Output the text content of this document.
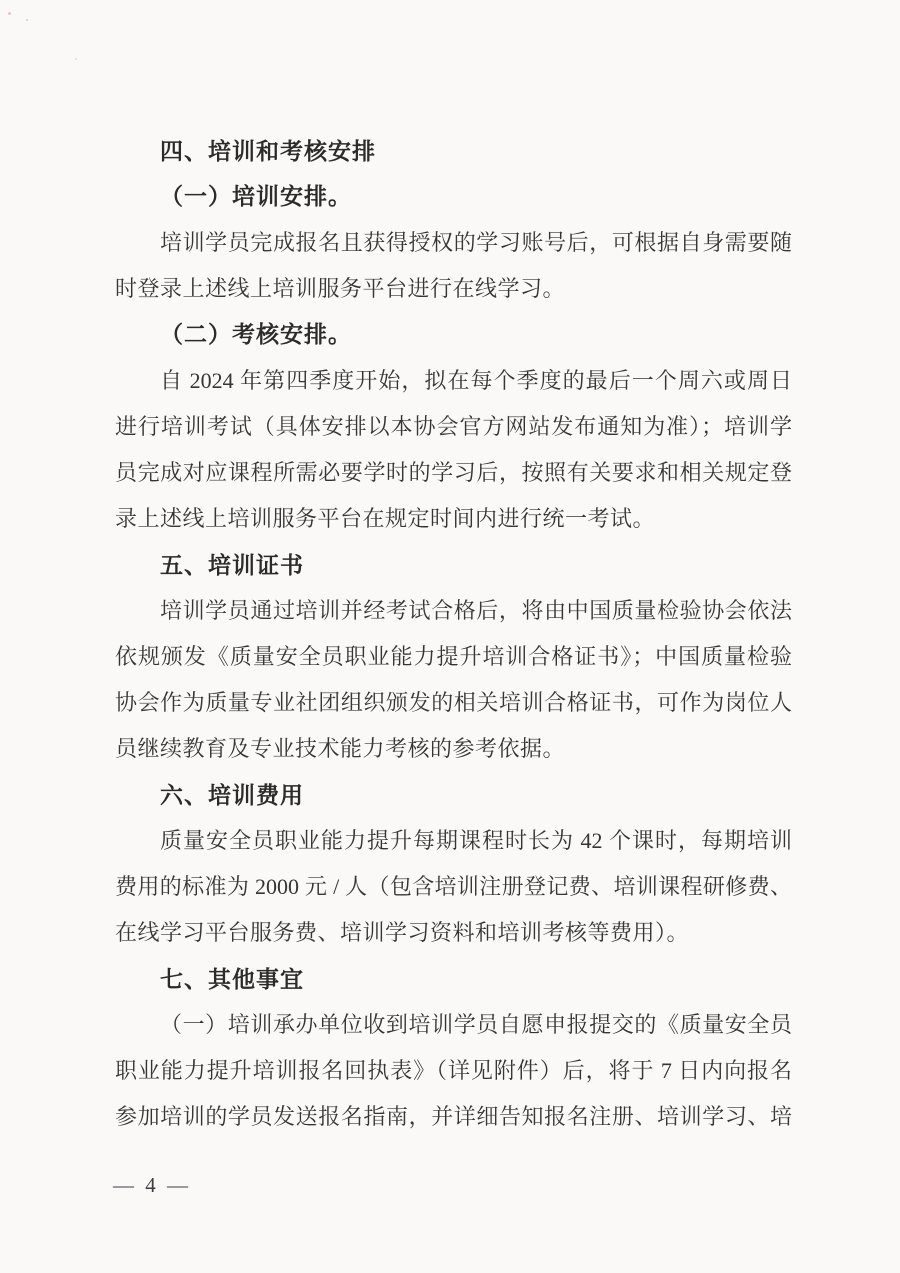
四、培训和考核安排
（一）培训安排。
培训学员完成报名且获得授权的学习账号后，可根据自身需要随
时登录上述线上培训服务平台进行在线学习。
（二）考核安排。
自 2024 年第四季度开始，拟在每个季度的最后一个周六或周日
进行培训考试（具体安排以本协会官方网站发布通知为准）；培训学
员完成对应课程所需必要学时的学习后，按照有关要求和相关规定登
录上述线上培训服务平台在规定时间内进行统一考试。
五、培训证书
培训学员通过培训并经考试合格后，将由中国质量检验协会依法
依规颁发《质量安全员职业能力提升培训合格证书》；中国质量检验
协会作为质量专业社团组织颁发的相关培训合格证书，可作为岗位人
员继续教育及专业技术能力考核的参考依据。
六、培训费用
质量安全员职业能力提升每期课程时长为 42 个课时，每期培训
费用的标准为 2000 元 / 人（包含培训注册登记费、培训课程研修费、
在线学习平台服务费、培训学习资料和培训考核等费用）。
七、其他事宜
（一）培训承办单位收到培训学员自愿申报提交的《质量安全员
职业能力提升培训报名回执表》（详见附件）后，将于 7 日内向报名
参加培训的学员发送报名指南，并详细告知报名注册、培训学习、培
— 4 —
